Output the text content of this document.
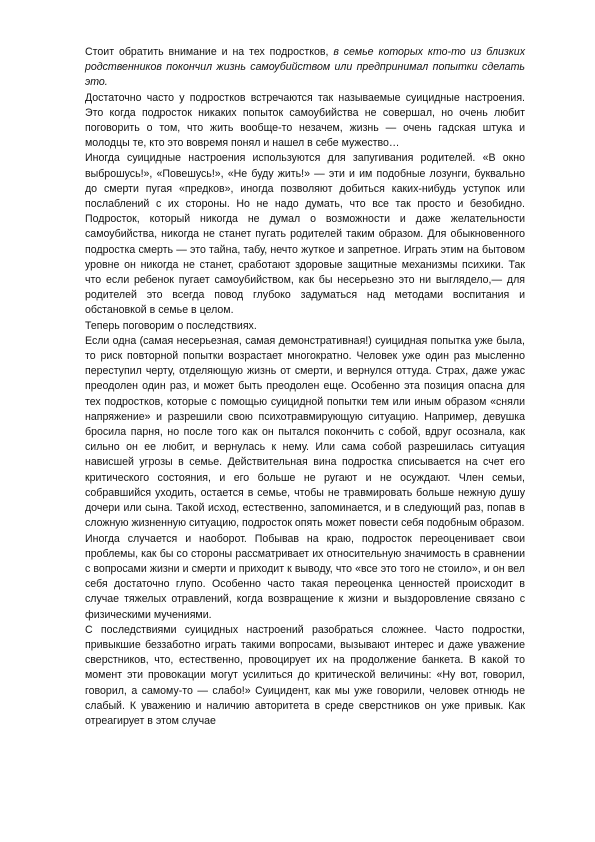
Стоит обратить внимание и на тех подростков, в семье которых кто-то из близких родственников покончил жизнь самоубийством или предпринимал попытки сделать это.

Достаточно часто у подростков встречаются так называемые суицидные настроения. Это когда подросток никаких попыток самоубийства не совершал, но очень любит поговорить о том, что жить вообще-то незачем, жизнь — очень гадская штука и молодцы те, кто это вовремя понял и нашел в себе мужество…

Иногда суицидные настроения используются для запугивания родителей. «В окно выброшусь!», «Повешусь!», «Не буду жить!» — эти и им подобные лозунги, буквально до смерти пугая «предков», иногда позволяют добиться каких-нибудь уступок или послаблений с их стороны. Но не надо думать, что все так просто и безобидно. Подросток, который никогда не думал о возможности и даже желательности самоубийства, никогда не станет пугать родителей таким образом. Для обыкновенного подростка смерть — это тайна, табу, нечто жуткое и запретное. Играть этим на бытовом уровне он никогда не станет, сработают здоровые защитные механизмы психики. Так что если ребенок пугает самоубийством, как бы несерьезно это ни выглядело,— для родителей это всегда повод глубоко задуматься над методами воспитания и обстановкой в семье в целом.

Теперь поговорим о последствиях.

Если одна (самая несерьезная, самая демонстративная!) суицидная попытка уже была, то риск повторной попытки возрастает многократно. Человек уже один раз мысленно переступил черту, отделяющую жизнь от смерти, и вернулся оттуда. Страх, даже ужас преодолен один раз, и может быть преодолен еще. Особенно эта позиция опасна для тех подростков, которые с помощью суицидной попытки тем или иным образом «сняли напряжение» и разрешили свою психотравмирующую ситуацию. Например, девушка бросила парня, но после того как он пытался покончить с собой, вдруг осознала, как сильно он ее любит, и вернулась к нему. Или сама собой разрешилась ситуация нависшей угрозы в семье. Действительная вина подростка списывается на счет его критического состояния, и его больше не ругают и не осуждают. Член семьи, собравшийся уходить, остается в семье, чтобы не травмировать больше нежную душу дочери или сына. Такой исход, естественно, запоминается, и в следующий раз, попав в сложную жизненную ситуацию, подросток опять может повести себя подобным образом.

Иногда случается и наоборот. Побывав на краю, подросток переоценивает свои проблемы, как бы со стороны рассматривает их относительную значимость в сравнении с вопросами жизни и смерти и приходит к выводу, что «все это того не стоило», и он вел себя достаточно глупо. Особенно часто такая переоценка ценностей происходит в случае тяжелых отравлений, когда возвращение к жизни и выздоровление связано с физическими мучениями.

С последствиями суицидных настроений разобраться сложнее. Часто подростки, привыкшие беззаботно играть такими вопросами, вызывают интерес и даже уважение сверстников, что, естественно, провоцирует их на продолжение банкета. В какой то момент эти провокации могут усилиться до критической величины: «Ну вот, говорил, говорил, а самому-то — слабо!» Суицидент, как мы уже говорили, человек отнюдь не слабый. К уважению и наличию авторитета в среде сверстников он уже привык. Как отреагирует в этом случае
